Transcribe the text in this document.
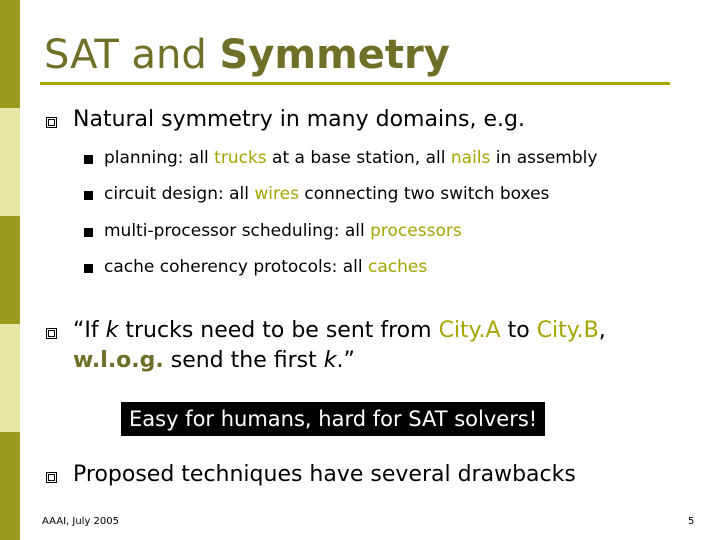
SAT and Symmetry
Natural symmetry in many domains, e.g.
planning: all trucks at a base station, all nails in assembly
circuit design: all wires connecting two switch boxes
multi-processor scheduling: all processors
cache coherency protocols: all caches
“If k trucks need to be sent from City.A to City.B,
w.l.o.g. send the first k.”
Easy for humans, hard for SAT solvers!
Proposed techniques have several drawbacks
AAAI, July 2005	5
